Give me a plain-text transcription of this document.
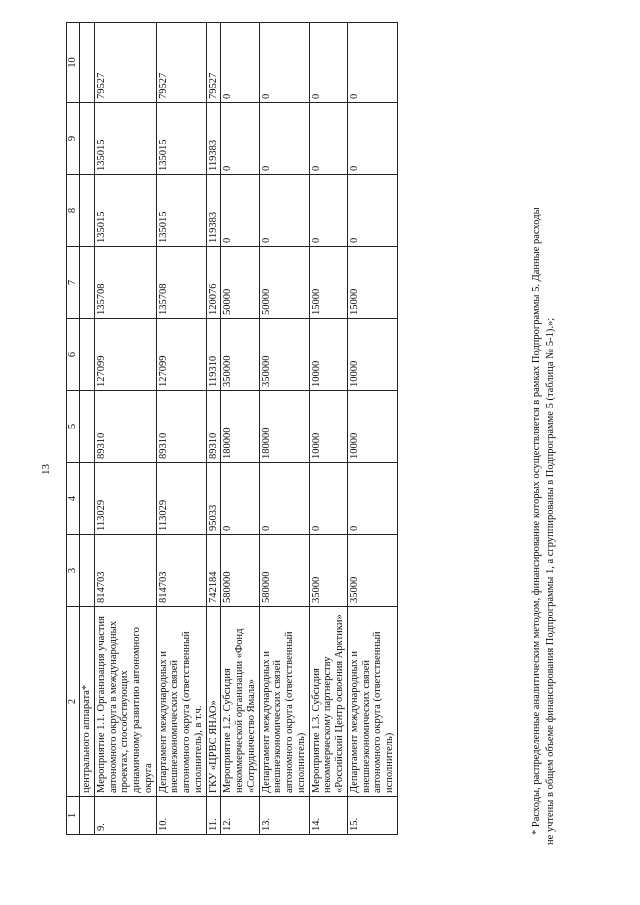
13
1	2	3	4	5	6	7	8	9	10
	центрального аппарата*								
9.	Мероприятие 1.1. Организация участия автономного округа в международных проектах, способствующих динамичному развитию автономного округа	814703	113029	89310	127099	135708	135015	135015	79527
10.	Департамент международных и внешнеэкономических связей автономного округа (ответственный исполнитель), в т.ч.	814703	113029	89310	127099	135708	135015	135015	79527
11.	ГКУ «ЦРВС ЯНАО»	742184	95033	89310	119310	120076	119383	119383	79527
12.	Мероприятие 1.2. Субсидия некоммерческой организации «Фонд «Сотрудничество Ямала»	580000	0	180000	350000	50000	0	0	0
13.	Департамент международных и внешнеэкономических связей автономного округа (ответственный исполнитель)	580000	0	180000	350000	50000	0	0	0
14.	Мероприятие 1.3. Субсидия некоммерческому партнерству «Российский Центр освоения Арктики»	35000	0	10000	10000	15000	0	0	0
15.	Департамент международных и внешнеэкономических связей автономного округа (ответственный исполнитель)	35000	0	10000	10000	15000	0	0	0

* Расходы, распределенные аналитическим методом, финансирование которых осуществляется в рамках Подпрограммы 5. Данные расходы не учтены в общем объеме финансирования Подпрограммы 1, а сгруппированы в Подпрограмме 5 (таблица № 5-1).»;
